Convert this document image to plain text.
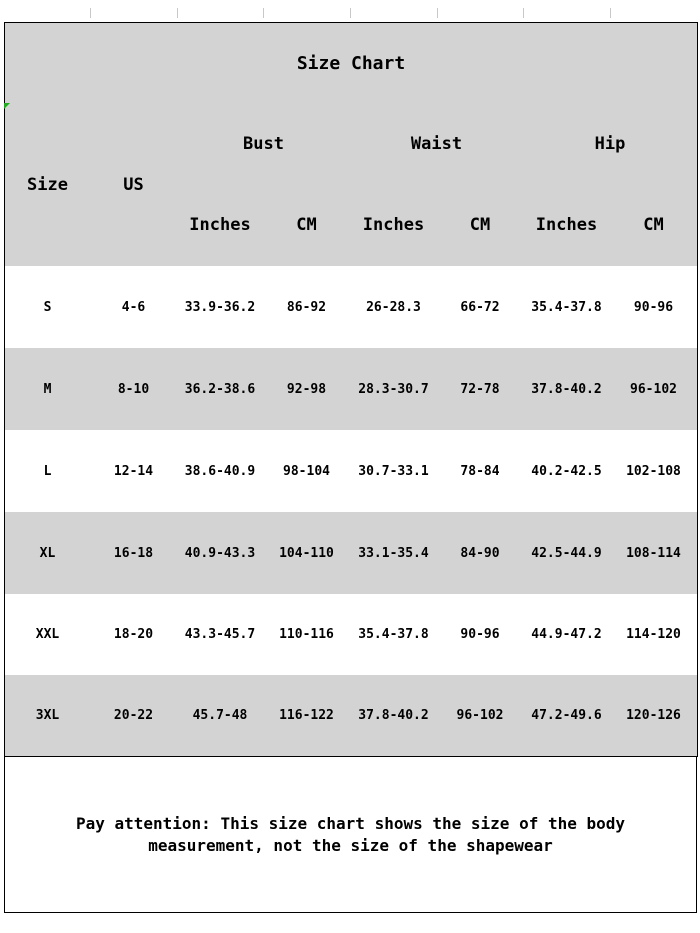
Size Chart
Size	US
Bust	Waist	Hip
Inches	CM	Inches	CM	Inches	CM
S	4-6	33.9-36.2	86-92	26-28.3	66-72	35.4-37.8	90-96
M	8-10	36.2-38.6	92-98	28.3-30.7	72-78	37.8-40.2	96-102
L	12-14	38.6-40.9	98-104	30.7-33.1	78-84	40.2-42.5	102-108
XL	16-18	40.9-43.3	104-110	33.1-35.4	84-90	42.5-44.9	108-114
XXL	18-20	43.3-45.7	110-116	35.4-37.8	90-96	44.9-47.2	114-120
3XL	20-22	45.7-48	116-122	37.8-40.2	96-102	47.2-49.6	120-126
Pay attention: This size chart shows the size of the body
measurement, not the size of the shapewear
